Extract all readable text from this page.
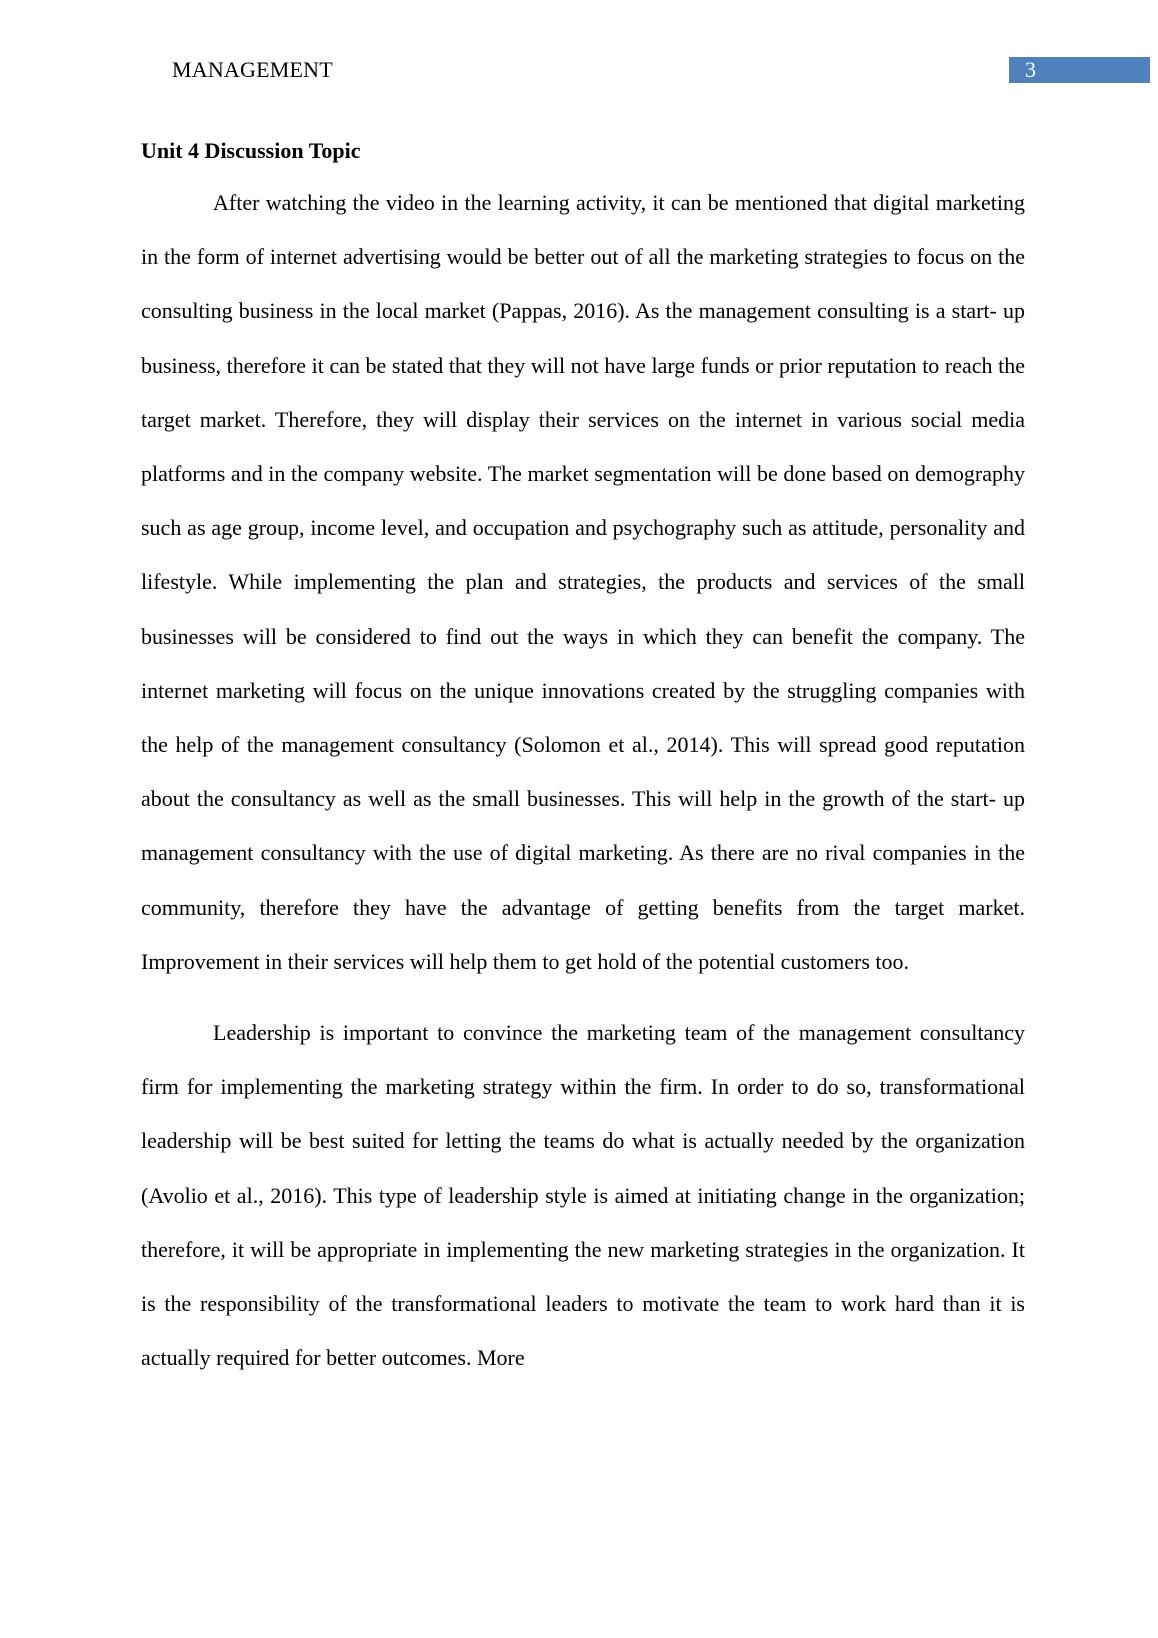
MANAGEMENT	3
Unit 4 Discussion Topic

After watching the video in the learning activity, it can be mentioned that digital marketing in the form of internet advertising would be better out of all the marketing strategies to focus on the consulting business in the local market (Pappas, 2016). As the management consulting is a start- up business, therefore it can be stated that they will not have large funds or prior reputation to reach the target market. Therefore, they will display their services on the internet in various social media platforms and in the company website. The market segmentation will be done based on demography such as age group, income level, and occupation and psychography such as attitude, personality and lifestyle. While implementing the plan and strategies, the products and services of the small businesses will be considered to find out the ways in which they can benefit the company. The internet marketing will focus on the unique innovations created by the struggling companies with the help of the management consultancy (Solomon et al., 2014). This will spread good reputation about the consultancy as well as the small businesses. This will help in the growth of the start- up management consultancy with the use of digital marketing. As there are no rival companies in the community, therefore they have the advantage of getting benefits from the target market. Improvement in their services will help them to get hold of the potential customers too.

Leadership is important to convince the marketing team of the management consultancy firm for implementing the marketing strategy within the firm. In order to do so, transformational leadership will be best suited for letting the teams do what is actually needed by the organization (Avolio et al., 2016). This type of leadership style is aimed at initiating change in the organization; therefore, it will be appropriate in implementing the new marketing strategies in the organization. It is the responsibility of the transformational leaders to motivate the team to work hard than it is actually required for better outcomes. More
